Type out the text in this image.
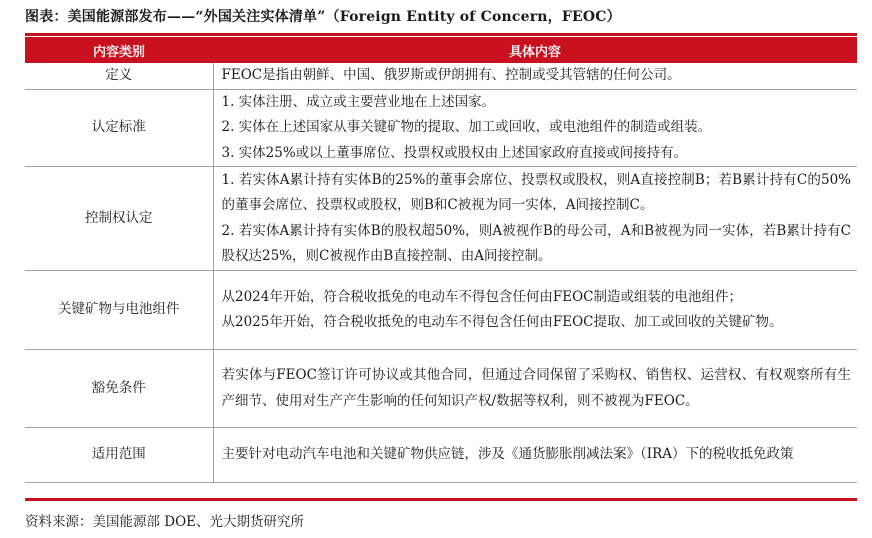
图表：美国能源部发布——“外国关注实体清单”（Foreign Entity of Concern，FEOC）
内容类别	具体内容
定义	FEOC是指由朝鲜、中国、俄罗斯或伊朗拥有、控制或受其管辖的任何公司。

认定标准	1. 实体注册、成立或主要营业地在上述国家。
2. 实体在上述国家从事关键矿物的提取、加工或回收，或电池组件的制造或组装。
3. 实体25%或以上董事席位、投票权或股权由上述国家政府直接或间接持有。

控制权认定	1. 若实体A累计持有实体B的25%的董事会席位、投票权或股权，则A直接控制B；若B累计持有C的50%的董事会席位、投票权或股权，则B和C被视为同一实体，A间接控制C。
2. 若实体A累计持有实体B的股权超50%，则A被视作B的母公司，A和B被视为同一实体，若B累计持有C股权达25%，则C被视作由B直接控制、由A间接控制。

关键矿物与电池组件	从2024年开始，符合税收抵免的电动车不得包含任何由FEOC制造或组装的电池组件；
从2025年开始，符合税收抵免的电动车不得包含任何由FEOC提取、加工或回收的关键矿物。

豁免条件	若实体与FEOC签订许可协议或其他合同，但通过合同保留了采购权、销售权、运营权、有权观察所有生产细节、使用对生产产生影响的任何知识产权/数据等权利，则不被视为FEOC。

适用范围	主要针对电动汽车电池和关键矿物供应链，涉及《通货膨胀削减法案》（IRA）下的税收抵免政策
资料来源：美国能源部 DOE、光大期货研究所
